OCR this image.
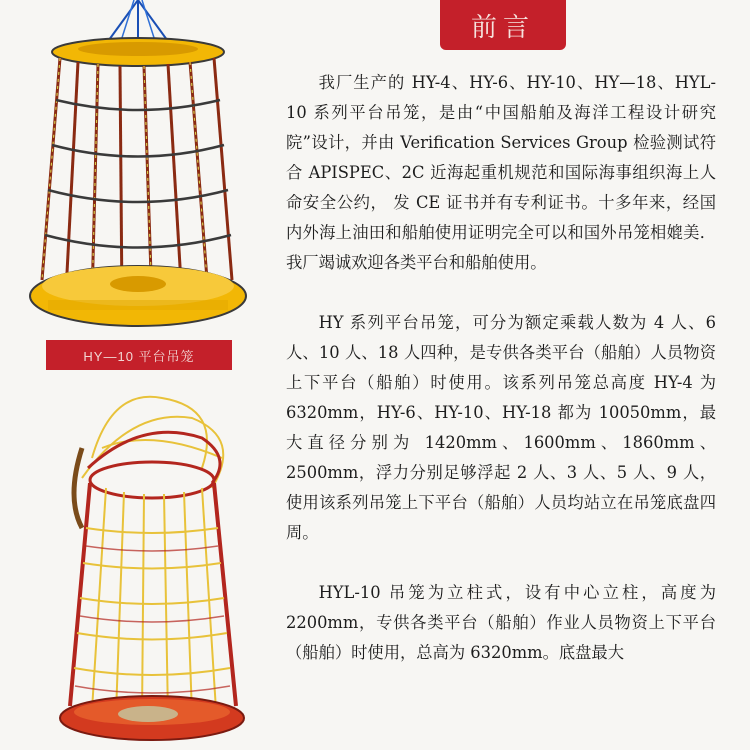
HY—10 平台吊笼
前言

我厂生产的 HY-4、HY-6、HY-10、HY—18、HYL-10 系列平台吊笼，是由“中国船舶及海洋工程设计研究院”设计，并由 Verification Services Group 检验测试符合 APISPEC、2C 近海起重机规范和国际海事组织海上人命安全公约， 发 CE 证书并有专利证书。十多年来，经国内外海上油田和船舶使用证明完全可以和国外吊笼相媲美．我厂竭诚欢迎各类平台和船舶使用。

HY 系列平台吊笼，可分为额定乘载人数为 4 人、6 人、10 人、18 人四种，是专供各类平台（船舶）人员物资上下平台（船舶）时使用。该系列吊笼总高度 HY-4 为 6320mm，HY-6、HY-10、HY-18 都为 10050mm，最大直径分别为 1420mm、1600mm、1860mm、2500mm，浮力分别足够浮起 2 人、3 人、5 人、9 人，使用该系列吊笼上下平台（船舶）人员均站立在吊笼底盘四周。

HYL-10 吊笼为立柱式，设有中心立柱，高度为 2200mm，专供各类平台（船舶）作业人员物资上下平台（船舶）时使用，总高为 6320mm。底盘最大
